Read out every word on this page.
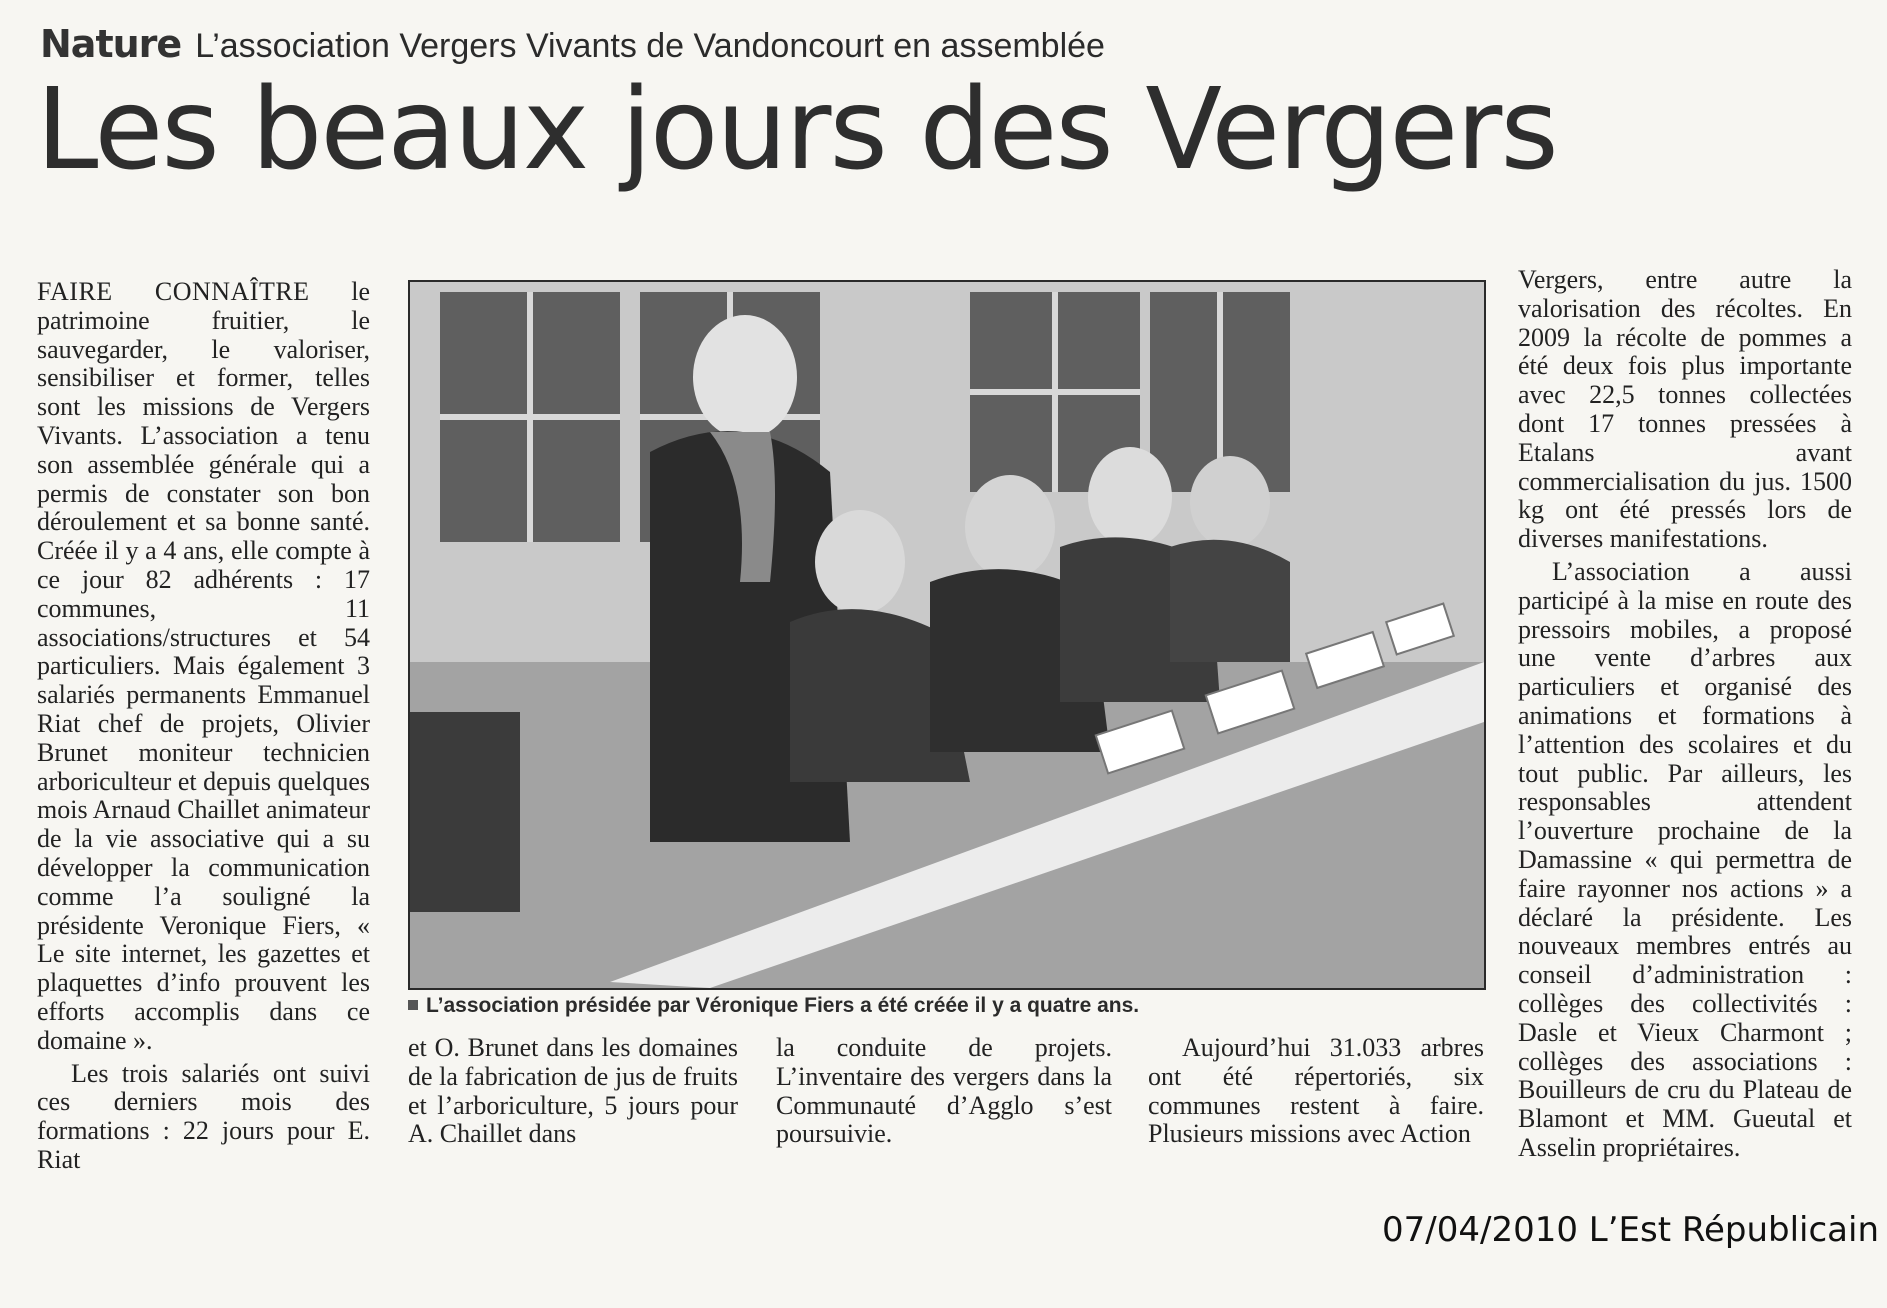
Nature L’association Vergers Vivants de Vandoncourt en assemblée
Les beaux jours des Vergers

FAIRE CONNAÎTRE le patrimoine fruitier, le sauvegarder, le valoriser, sensibiliser et former, telles sont les missions de Vergers Vivants. L’association a tenu son assemblée générale qui a permis de constater son bon déroulement et sa bonne santé. Créée il y a 4 ans, elle compte à ce jour 82 adhérents : 17 communes, 11 associations/structures et 54 particuliers. Mais également 3 salariés permanents Emmanuel Riat chef de projets, Olivier Brunet moniteur technicien arboriculteur et depuis quelques mois Arnaud Chaillet animateur de la vie associative qui a su développer la communication comme l’a souligné la présidente Veronique Fiers, « Le site internet, les gazettes et plaquettes d’info prouvent les efforts accomplis dans ce domaine ».

Les trois salariés ont suivi ces derniers mois des formations : 22 jours pour E. Riat

L’association présidée par Véronique Fiers a été créée il y a quatre ans.

et O. Brunet dans les domaines de la fabrication de jus de fruits et l’arboriculture, 5 jours pour A. Chaillet dans

la conduite de projets. L’inventaire des vergers dans la Communauté d’Agglo s’est poursuivie.

Aujourd’hui 31.033 arbres ont été répertoriés, six communes restent à faire. Plusieurs missions avec Action

Vergers, entre autre la valorisation des récoltes. En 2009 la récolte de pommes a été deux fois plus importante avec 22,5 tonnes collectées dont 17 tonnes pressées à Etalans avant commercialisation du jus. 1500 kg ont été pressés lors de diverses manifestations.

L’association a aussi participé à la mise en route des pressoirs mobiles, a proposé une vente d’arbres aux particuliers et organisé des animations et formations à l’attention des scolaires et du tout public. Par ailleurs, les responsables attendent l’ouverture prochaine de la Damassine « qui permettra de faire rayonner nos actions » a déclaré la présidente. Les nouveaux membres entrés au conseil d’administration : collèges des collectivités : Dasle et Vieux Charmont ; collèges des associations : Bouilleurs de cru du Plateau de Blamont et MM. Gueutal et Asselin propriétaires.

07/04/2010 L’Est Républicain
